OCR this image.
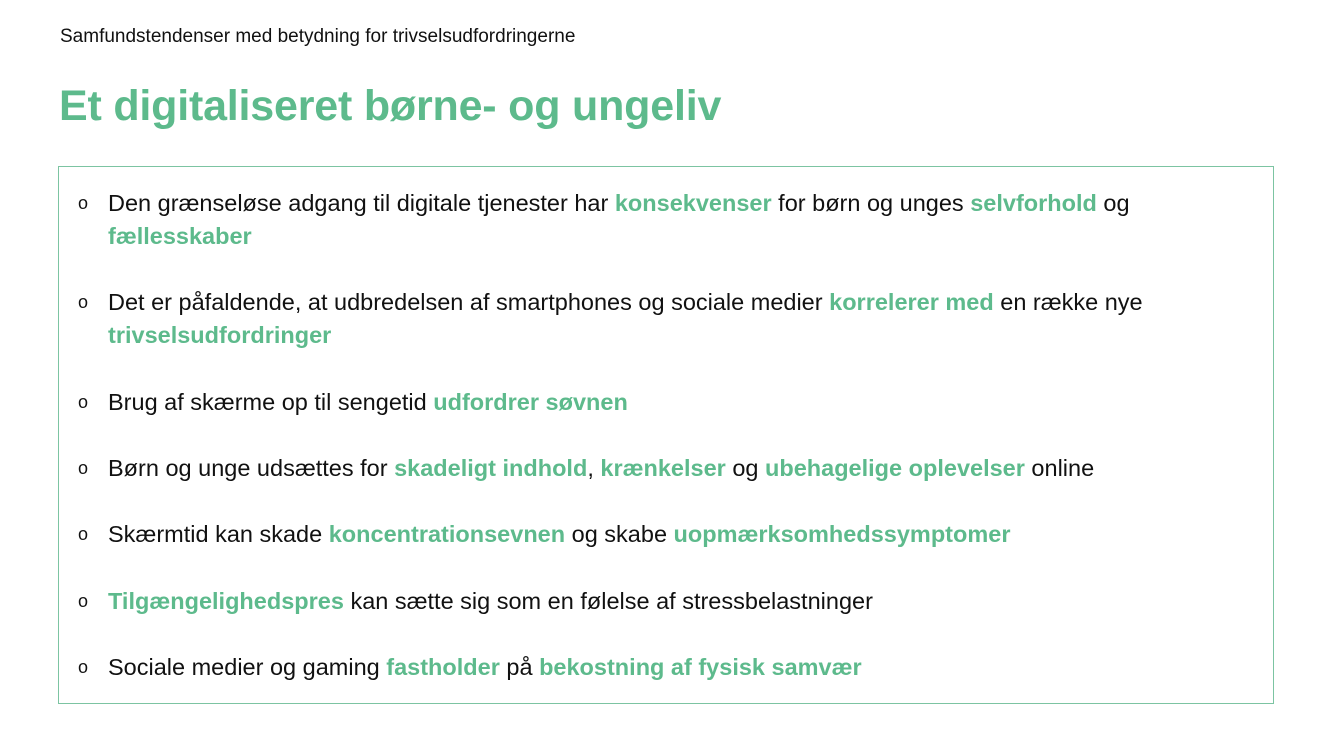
Samfundstendenser med betydning for trivselsudfordringerne
Et digitaliseret børne- og ungeliv
o Den grænseløse adgang til digitale tjenester har konsekvenser for børn og unges selvforhold og fællesskaber
o Det er påfaldende, at udbredelsen af smartphones og sociale medier korrelerer med en række nye trivselsudfordringer
o Brug af skærme op til sengetid udfordrer søvnen
o Børn og unge udsættes for skadeligt indhold, krænkelser og ubehagelige oplevelser online
o Skærmtid kan skade koncentrationsevnen og skabe uopmærksomhedssymptomer
o Tilgængelighedspres kan sætte sig som en følelse af stressbelastninger
o Sociale medier og gaming fastholder på bekostning af fysisk samvær
